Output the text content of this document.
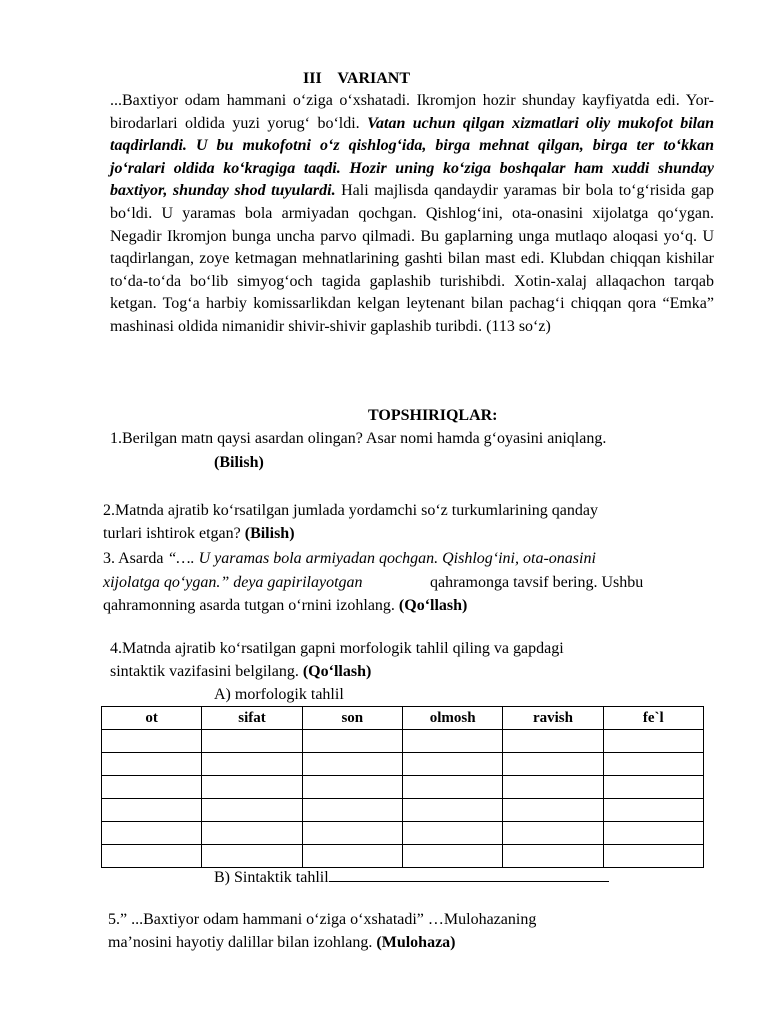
III    VARIANT
...Baxtiyor odam hammani o‘ziga o‘xshatadi. Ikromjon hozir shunday kayfiyatda edi. Yor-birodarlari oldida yuzi yorug‘ bo‘ldi. Vatan uchun qilgan xizmatlari oliy mukofot bilan taqdirlandi. U bu mukofotni o‘z qishlog‘ida, birga mehnat qilgan, birga ter to‘kkan jo‘ralari oldida ko‘kragiga taqdi. Hozir uning ko‘ziga boshqalar ham xuddi shunday baxtiyor, shunday shod tuyulardi. Hali majlisda qandaydir yaramas bir bola to‘g‘risida gap bo‘ldi. U yaramas bola armiyadan qochgan. Qishlog‘ini, ota-onasini xijolatga qo‘ygan. Negadir Ikromjon bunga uncha parvo qilmadi. Bu gaplarning unga mutlaqo aloqasi yo‘q. U taqdirlangan, zoye ketmagan mehnatlarining gashti bilan mast edi. Klubdan chiqqan kishilar to‘da-to‘da bo‘lib simyog‘och tagida gaplashib turishibdi. Xotin-xalaj allaqachon tarqab ketgan. Tog‘a harbiy komissarlikdan kelgan leytenant bilan pachag‘i chiqqan qora “Emka” mashinasi oldida nimanidir shivir-shivir gaplashib turibdi. (113 so‘z)
TOPSHIRIQLAR:
1.Berilgan matn qaysi asardan olingan? Asar nomi hamda g‘oyasini aniqlang.
(Bilish)
2.Matnda ajratib ko‘rsatilgan jumlada yordamchi so‘z turkumlarining qanday
turlari ishtirok etgan? (Bilish)
3. Asarda “…. U yaramas bola armiyadan qochgan. Qishlog‘ini, ota-onasini
xijolatga qo‘ygan.” deya gapirilayotgan	qahramonga tavsif bering. Ushbu
qahramonning asarda tutgan o‘rnini izohlang. (Qo‘llash)
4.Matnda ajratib ko‘rsatilgan gapni morfologik tahlil qiling va gapdagi
sintaktik vazifasini belgilang. (Qo‘llash)
A) morfologik tahlil
ot	sifat	son	olmosh	ravish	fe`l

B) Sintaktik tahlil
5.” ...Baxtiyor odam hammani o‘ziga o‘xshatadi” …Mulohazaning
ma’nosini hayotiy dalillar bilan izohlang. (Mulohaza)
